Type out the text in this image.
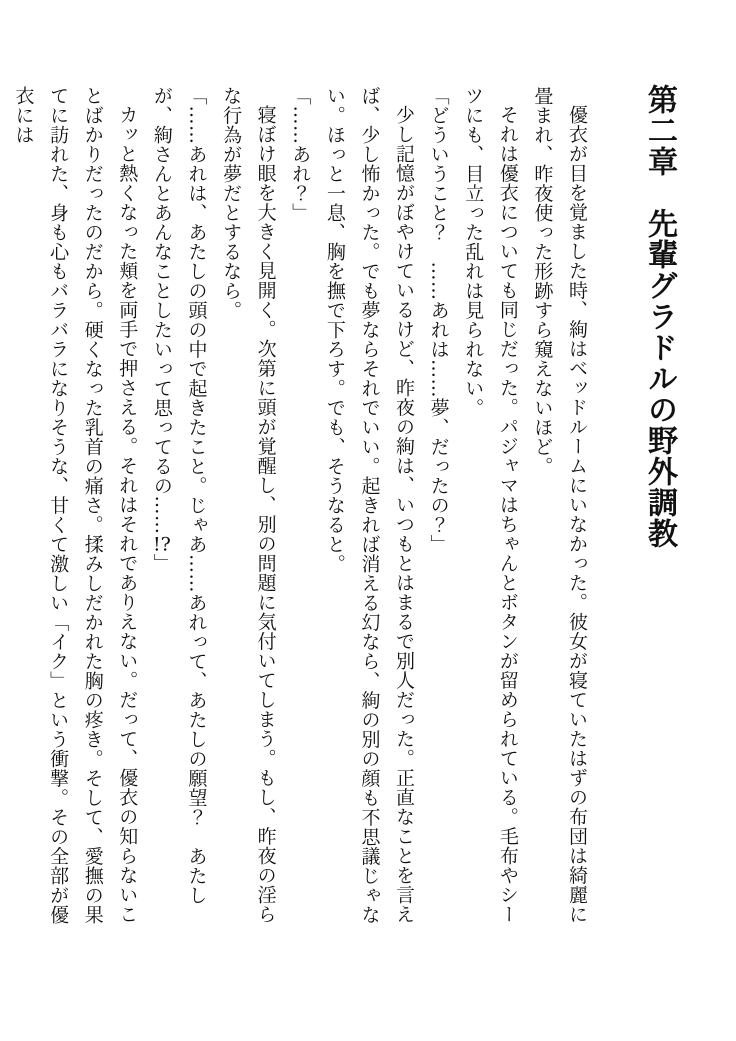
第二章　先輩グラドルの野外調教

優衣が目を覚ました時、絢はベッドルームにいなかった。彼女が寝ていたはずの布団は綺麗に畳まれ、昨夜使った形跡すら窺えないほど。

それは優衣についても同じだった。パジャマはちゃんとボタンが留められている。毛布やシーツにも、目立った乱れは見られない。

「どういうこと？　……あれは……夢、だったの？」

少し記憶がぼやけているけど、昨夜の絢は、いつもとはまるで別人だった。正直なことを言えば、少し怖かった。でも夢ならそれでいい。起きれば消える幻なら、絢の別の顔も不思議じゃない。ほっと一息、胸を撫で下ろす。でも、そうなると。

「……あれ？」

寝ぼけ眼を大きく見開く。次第に頭が覚醒し、別の問題に気付いてしまう。もし、昨夜の淫らな行為が夢だとするなら。

「……あれは、あたしの頭の中で起きたこと。じゃあ……あれって、あたしの願望？　あたしが、絢さんとあんなことしたいって思ってるの……!?」

カッと熱くなった頬を両手で押さえる。それはそれでありえない。だって、優衣の知らないことばかりだったのだから。硬くなった乳首の痛さ。揉みしだかれた胸の疼き。そして、愛撫の果てに訪れた、身も心もバラバラになりそうな、甘くて激しい「イク」という衝撃。その全部が優衣には
